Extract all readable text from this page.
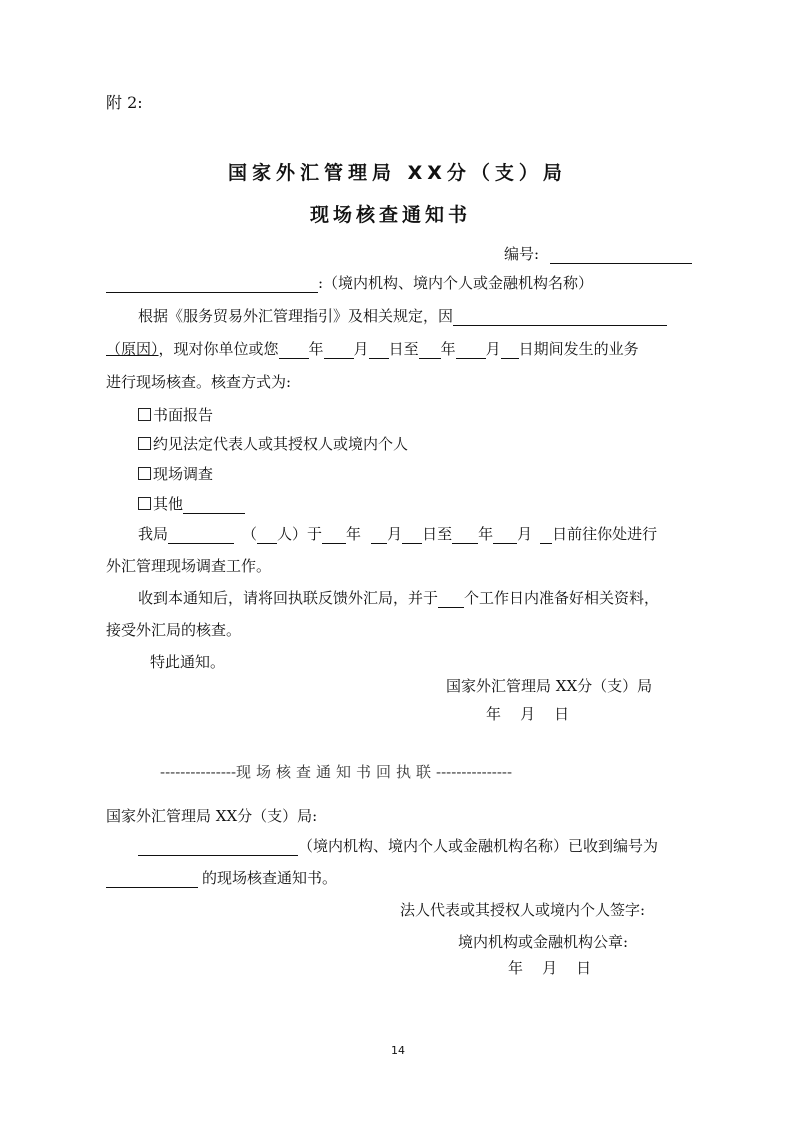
附 2:
国家外汇管理局 XX分（支）局
现场核查通知书
编号:
:（境内机构、境内个人或金融机构名称）
根据《服务贸易外汇管理指引》及相关规定，因
（原因），现对你单位或您 年 月 日至 年 月 日期间发生的业务
进行现场核查。核查方式为:
书面报告
约见法定代表人或其授权人或境内个人
现场调查
其他
我局	（ 人）于 年 月 日至 年 月 日前往你处进行
外汇管理现场调查工作。
收到本通知后，请将回执联反馈外汇局，并于 个工作日内准备好相关资料，
接受外汇局的核查。
特此通知。
国家外汇管理局 XX分（支）局
年    月    日
---------------现场核查通知书回执联---------------
国家外汇管理局 XX分（支）局:
（境内机构、境内个人或金融机构名称）已收到编号为
的现场核查通知书。
法人代表或其授权人或境内个人签字:
境内机构或金融机构公章:
年    月    日
14
